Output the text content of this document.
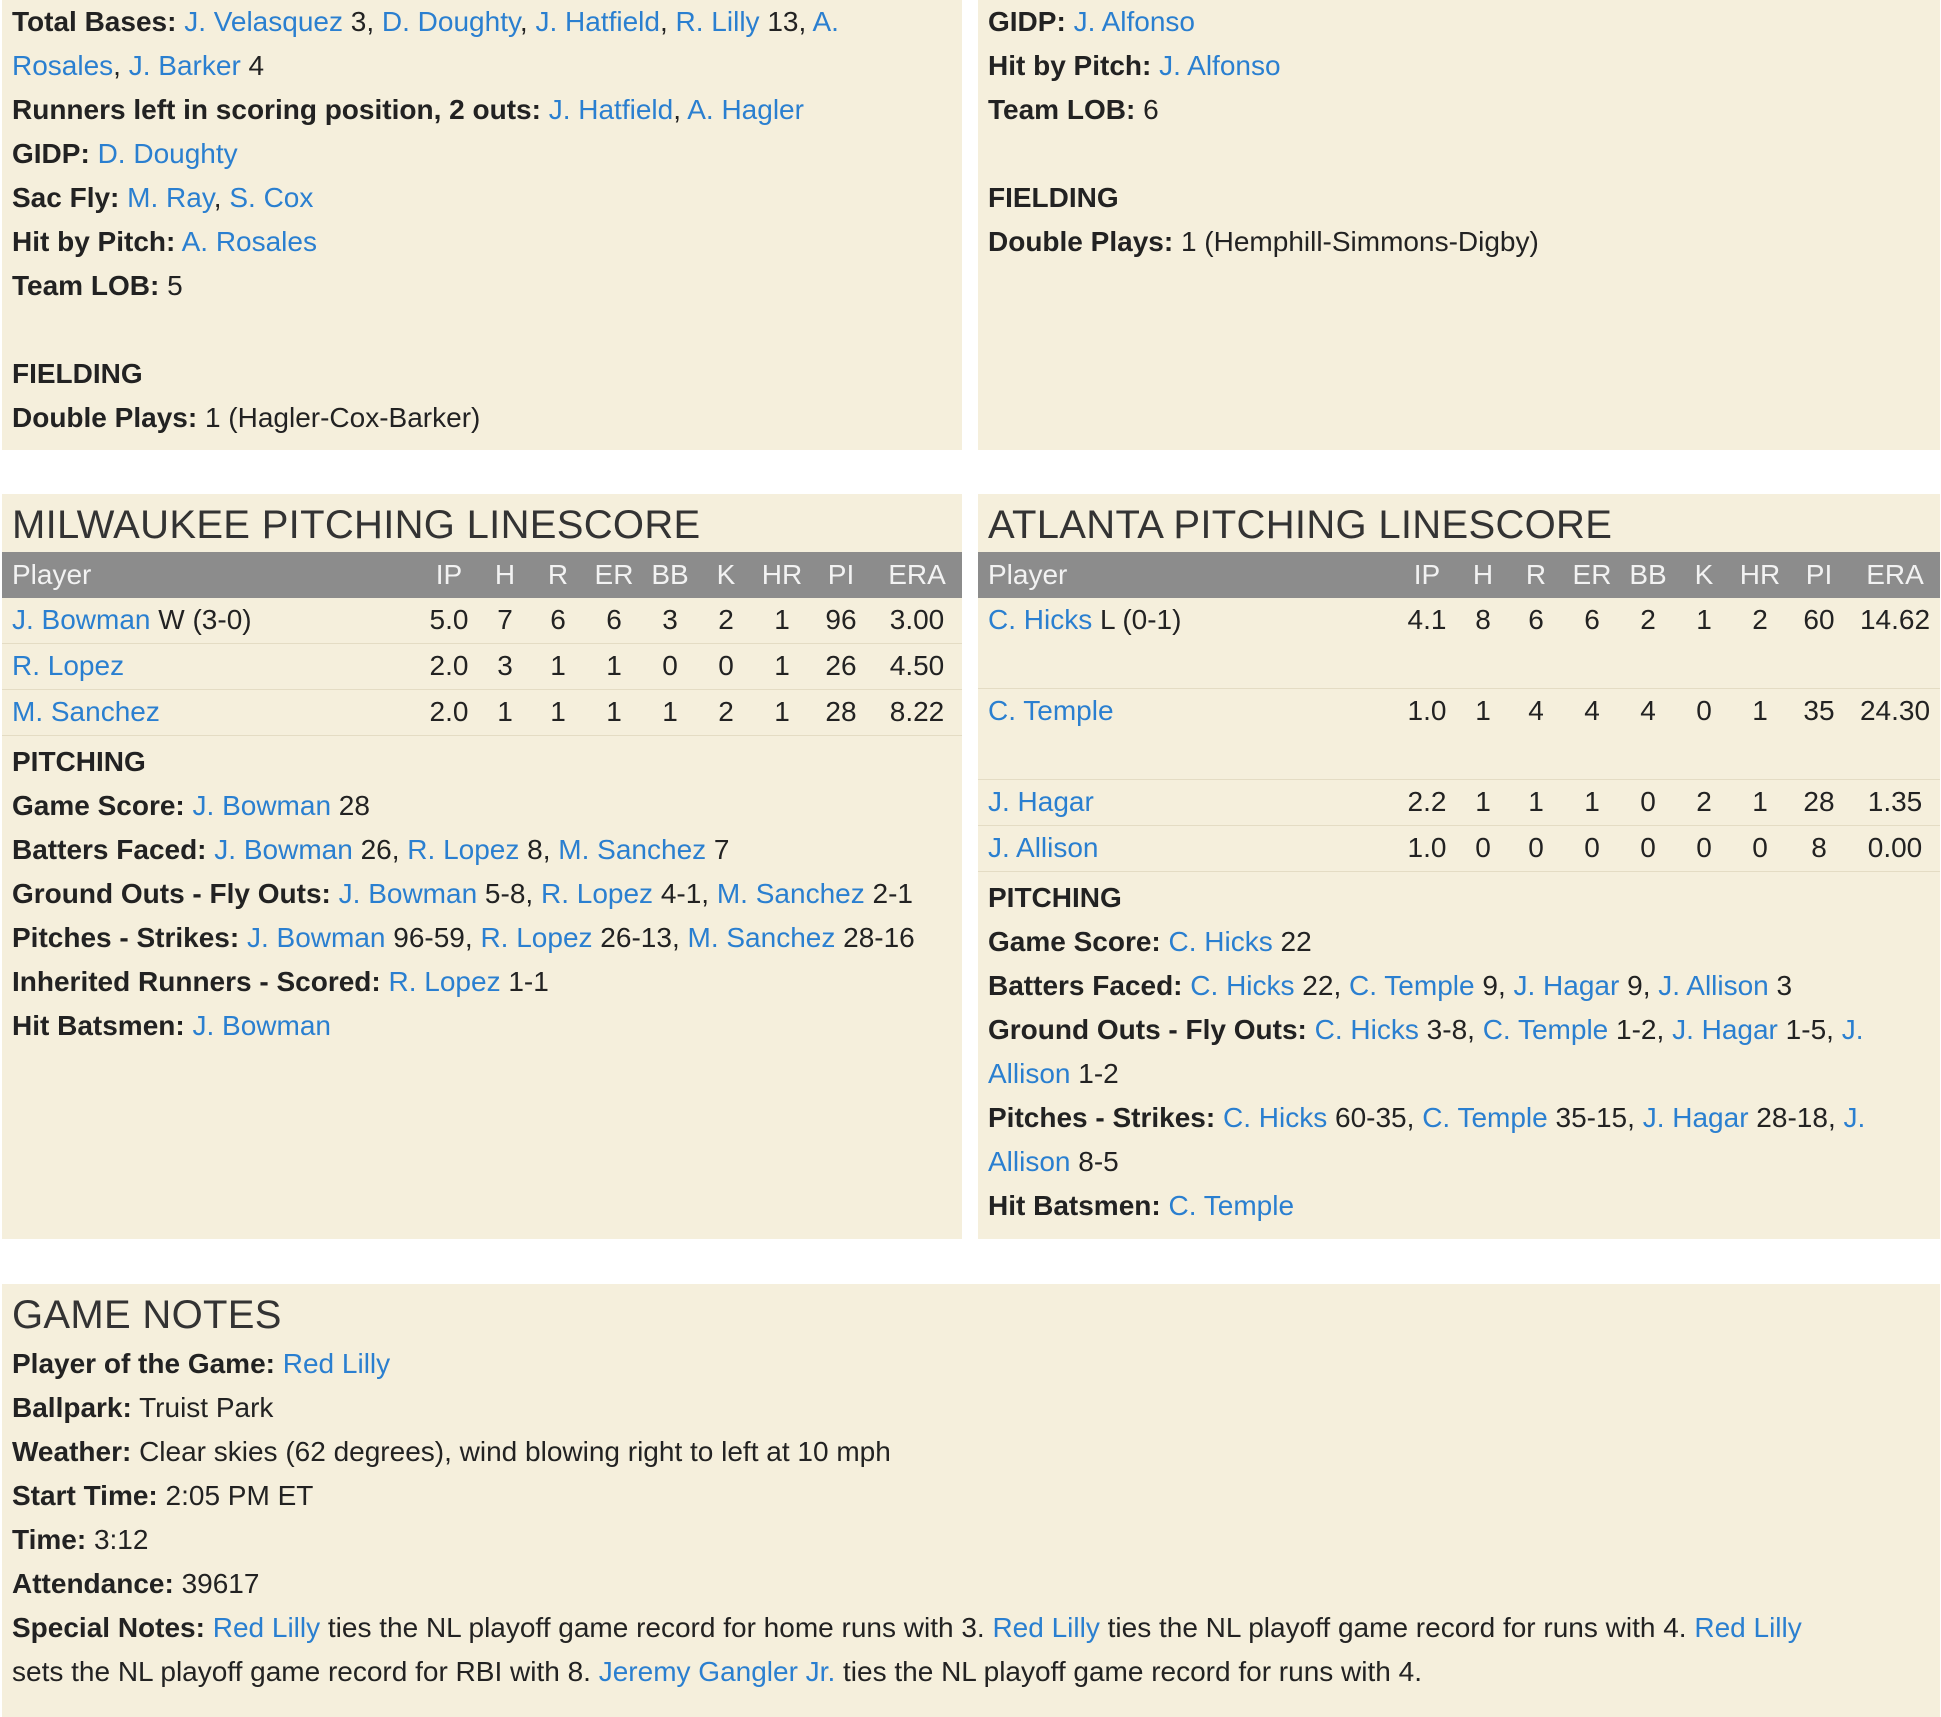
Total Bases: J. Velasquez 3, D. Doughty, J. Hatfield, R. Lilly 13, A.
Rosales, J. Barker 4
Runners left in scoring position, 2 outs: J. Hatfield, A. Hagler
GIDP: D. Doughty
Sac Fly: M. Ray, S. Cox
Hit by Pitch: A. Rosales
Team LOB: 5
FIELDING
Double Plays: 1 (Hagler-Cox-Barker)
GIDP: J. Alfonso
Hit by Pitch: J. Alfonso
Team LOB: 6
FIELDING
Double Plays: 1 (Hemphill-Simmons-Digby)
MILWAUKEE PITCHING LINESCORE
Player	IP	H	R	ER	BB	K	HR	PI	ERA
J. Bowman W (3-0)	5.0	7	6	6	3	2	1	96	3.00
R. Lopez	2.0	3	1	1	0	0	1	26	4.50
M. Sanchez	2.0	1	1	1	1	2	1	28	8.22
PITCHING
Game Score: J. Bowman 28
Batters Faced: J. Bowman 26, R. Lopez 8, M. Sanchez 7
Ground Outs - Fly Outs: J. Bowman 5-8, R. Lopez 4-1, M. Sanchez 2-1
Pitches - Strikes: J. Bowman 96-59, R. Lopez 26-13, M. Sanchez 28-16
Inherited Runners - Scored: R. Lopez 1-1
Hit Batsmen: J. Bowman
ATLANTA PITCHING LINESCORE
Player	IP	H	R	ER	BB	K	HR	PI	ERA
C. Hicks L (0-1)	4.1	8	6	6	2	1	2	60	14.62
C. Temple	1.0	1	4	4	4	0	1	35	24.30
J. Hagar	2.2	1	1	1	0	2	1	28	1.35
J. Allison	1.0	0	0	0	0	0	0	8	0.00
PITCHING
Game Score: C. Hicks 22
Batters Faced: C. Hicks 22, C. Temple 9, J. Hagar 9, J. Allison 3
Ground Outs - Fly Outs: C. Hicks 3-8, C. Temple 1-2, J. Hagar 1-5, J.
Allison 1-2
Pitches - Strikes: C. Hicks 60-35, C. Temple 35-15, J. Hagar 28-18, J.
Allison 8-5
Hit Batsmen: C. Temple
GAME NOTES
Player of the Game: Red Lilly
Ballpark: Truist Park
Weather: Clear skies (62 degrees), wind blowing right to left at 10 mph
Start Time: 2:05 PM ET
Time: 3:12
Attendance: 39617
Special Notes: Red Lilly ties the NL playoff game record for home runs with 3. Red Lilly ties the NL playoff game record for runs with 4. Red Lilly
sets the NL playoff game record for RBI with 8. Jeremy Gangler Jr. ties the NL playoff game record for runs with 4.
